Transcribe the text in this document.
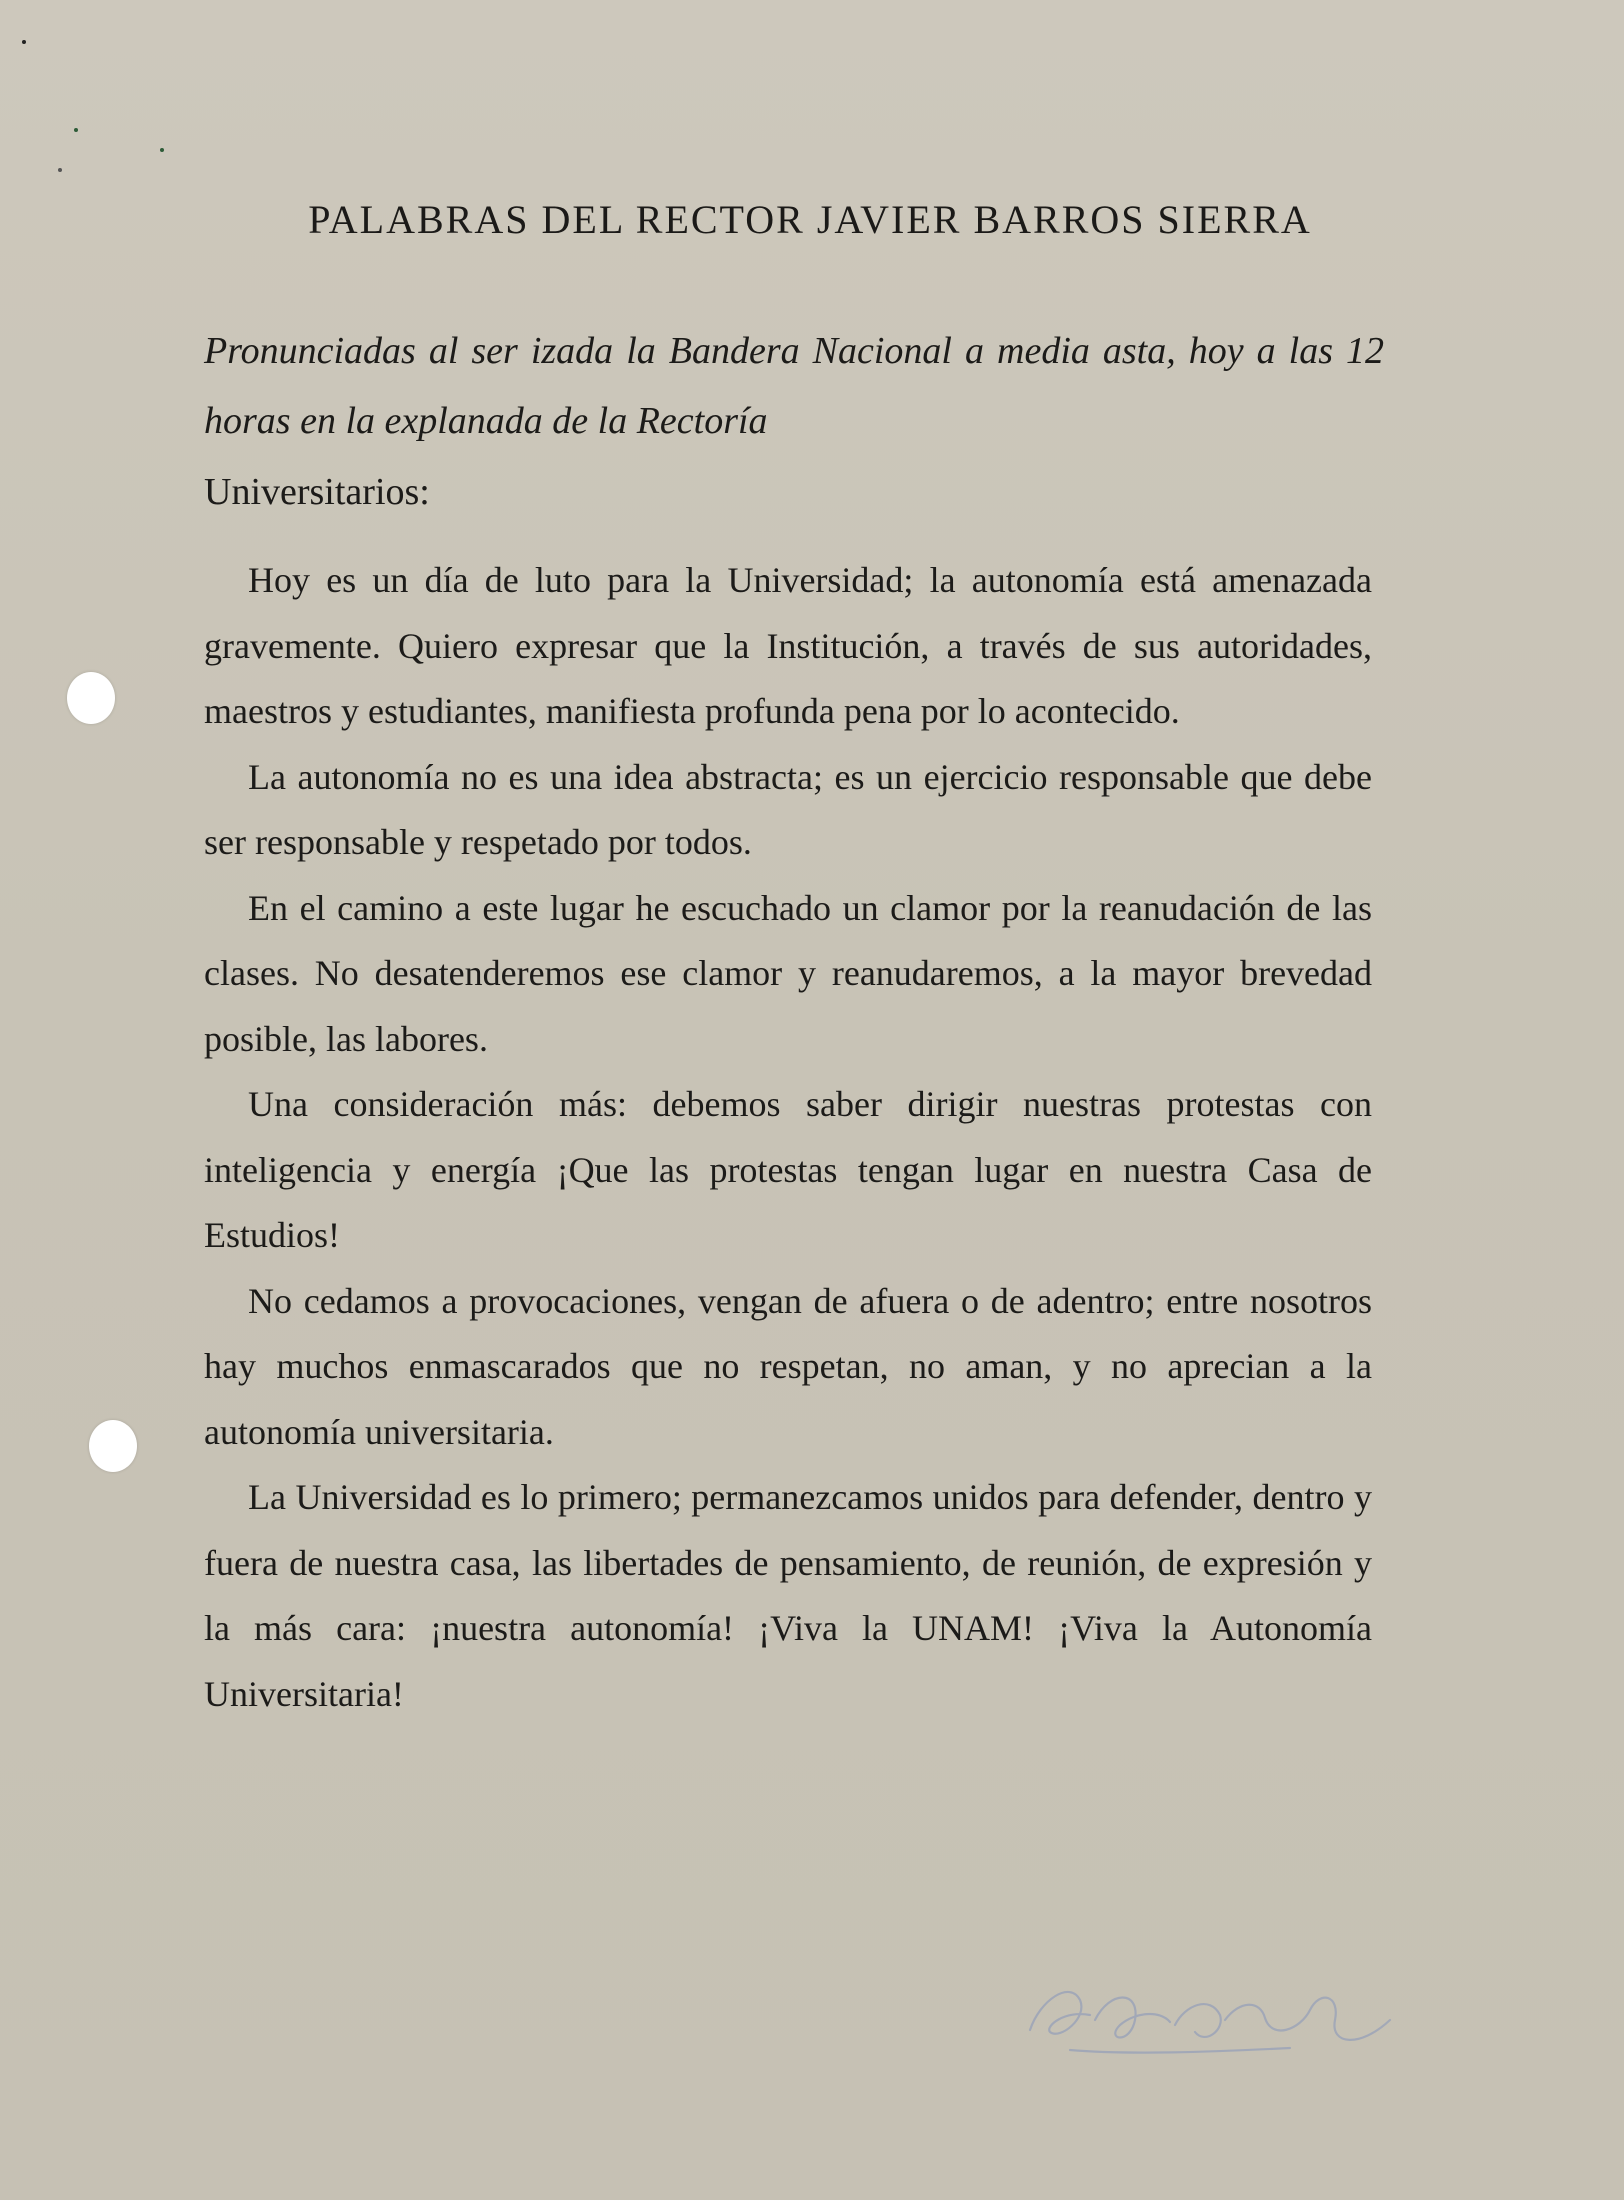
PALABRAS DEL RECTOR JAVIER BARROS SIERRA
Pronunciadas al ser izada la Bandera Nacional a media asta, hoy a las 12 horas en la explanada de la Rectoría
Universitarios:

Hoy es un día de luto para la Universidad; la autonomía está amenazada gravemente. Quiero expresar que la Institución, a través de sus autoridades, maestros y estudiantes, manifiesta profunda pena por lo acontecido.

La autonomía no es una idea abstracta; es un ejercicio responsable que debe ser responsable y respetado por todos.

En el camino a este lugar he escuchado un clamor por la reanudación de las clases. No desatenderemos ese clamor y reanudaremos, a la mayor brevedad posible, las labores.

Una consideración más: debemos saber dirigir nuestras protestas con inteligencia y energía ¡Que las protestas tengan lugar en nuestra Casa de Estudios!

No cedamos a provocaciones, vengan de afuera o de adentro; entre nosotros hay muchos enmascarados que no respetan, no aman, y no aprecian a la autonomía universitaria.

La Universidad es lo primero; permanezcamos unidos para defender, dentro y fuera de nuestra casa, las libertades de pensamiento, de reunión, de expresión y la más cara: ¡nuestra autonomía! ¡Viva la UNAM! ¡Viva la Autonomía Universitaria!
